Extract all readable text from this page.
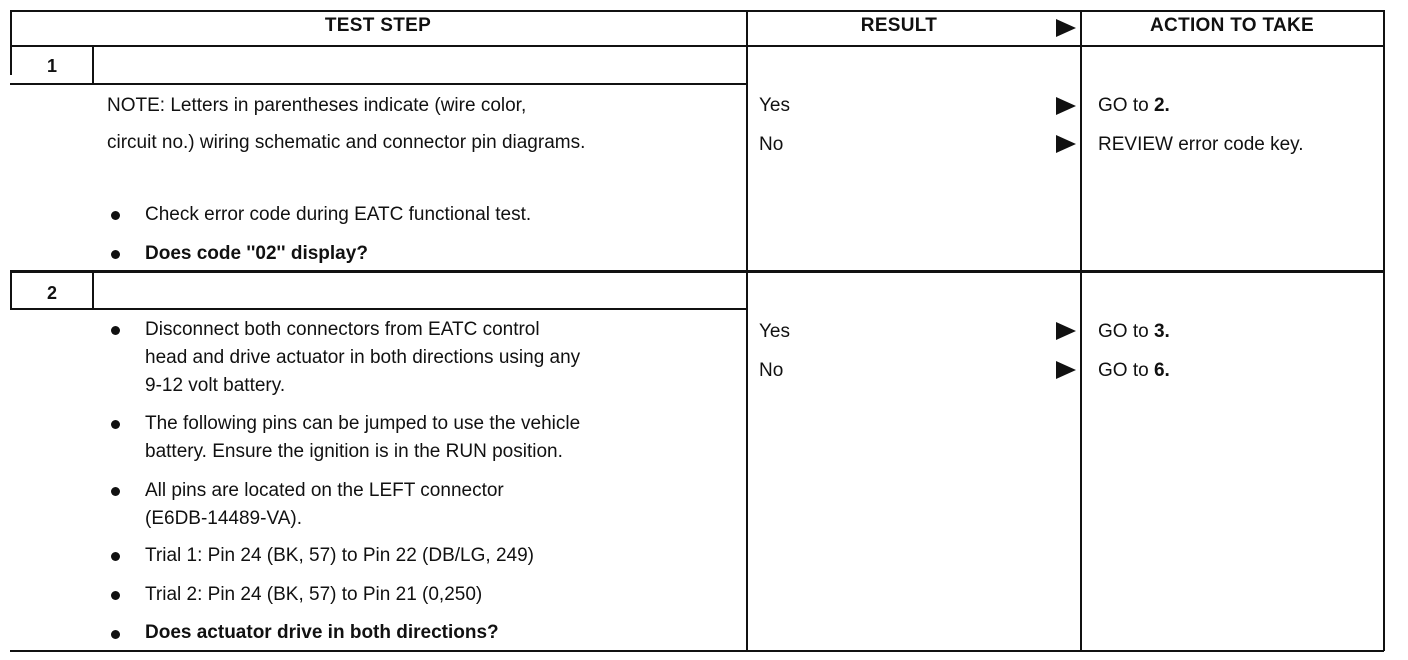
TEST STEP	RESULT	ACTION TO TAKE
1
NOTE: Letters in parentheses indicate (wire color,
circuit no.) wiring schematic and connector pin diagrams.
Check error code during EATC functional test.
Does code ''02'' display?
Yes
No
GO to 2.
REVIEW error code key.
2
Disconnect both connectors from EATC control
head and drive actuator in both directions using any
9-12 volt battery.
The following pins can be jumped to use the vehicle
battery. Ensure the ignition is in the RUN position.
All pins are located on the LEFT connector
(E6DB-14489-VA).
Trial 1: Pin 24 (BK, 57) to Pin 22 (DB/LG, 249)
Trial 2: Pin 24 (BK, 57) to Pin 21 (0,250)
Does actuator drive in both directions?
Yes
No
GO to 3.
GO to 6.
